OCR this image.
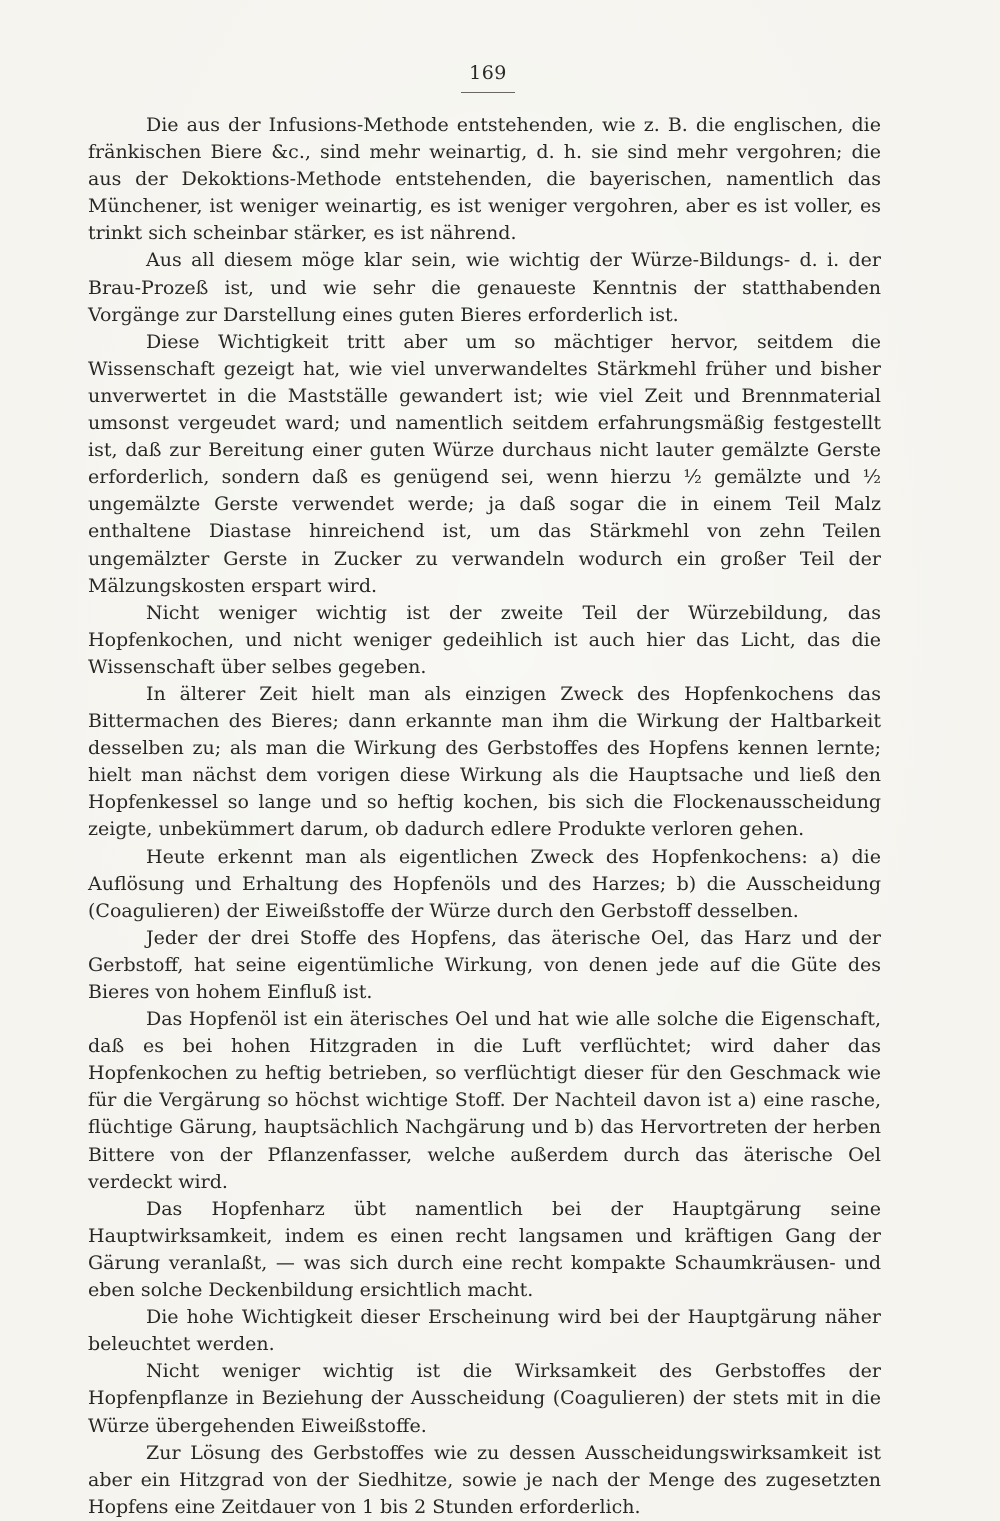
169

Die aus der Infusions-Methode entstehenden, wie z. B. die englischen, die fränkischen Biere &c., sind mehr weinartig, d. h. sie sind mehr vergohren; die aus der Dekoktions-Methode entstehenden, die bayerischen, namentlich das Münchener, ist weniger weinartig, es ist weniger vergohren, aber es ist voller, es trinkt sich scheinbar stärker, es ist nährend.

Aus all diesem möge klar sein, wie wichtig der Würze-Bildungs- d. i. der Brau-Prozeß ist, und wie sehr die genaueste Kenntnis der statthabenden Vorgänge zur Darstellung eines guten Bieres erforderlich ist.

Diese Wichtigkeit tritt aber um so mächtiger hervor, seitdem die Wissenschaft gezeigt hat, wie viel unverwandeltes Stärkmehl früher und bisher unverwertet in die Mastställe gewandert ist; wie viel Zeit und Brennmaterial umsonst vergeudet ward; und namentlich seitdem erfahrungsmäßig festgestellt ist, daß zur Bereitung einer guten Würze durchaus nicht lauter gemälzte Gerste erforderlich, sondern daß es genügend sei, wenn hierzu ½ gemälzte und ½ ungemälzte Gerste verwendet werde; ja daß sogar die in einem Teil Malz enthaltene Diastase hinreichend ist, um das Stärkmehl von zehn Teilen ungemälzter Gerste in Zucker zu verwandeln wodurch ein großer Teil der Mälzungskosten erspart wird.

Nicht weniger wichtig ist der zweite Teil der Würzebildung, das Hopfenkochen, und nicht weniger gedeihlich ist auch hier das Licht, das die Wissenschaft über selbes gegeben.

In älterer Zeit hielt man als einzigen Zweck des Hopfenkochens das Bittermachen des Bieres; dann erkannte man ihm die Wirkung der Haltbarkeit desselben zu; als man die Wirkung des Gerbstoffes des Hopfens kennen lernte; hielt man nächst dem vorigen diese Wirkung als die Hauptsache und ließ den Hopfenkessel so lange und so heftig kochen, bis sich die Flockenausscheidung zeigte, unbekümmert darum, ob dadurch edlere Produkte verloren gehen.

Heute erkennt man als eigentlichen Zweck des Hopfenkochens: a) die Auflösung und Erhaltung des Hopfenöls und des Harzes; b) die Ausscheidung (Coagulieren) der Eiweißstoffe der Würze durch den Gerbstoff desselben.

Jeder der drei Stoffe des Hopfens, das äterische Oel, das Harz und der Gerbstoff, hat seine eigentümliche Wirkung, von denen jede auf die Güte des Bieres von hohem Einfluß ist.

Das Hopfenöl ist ein äterisches Oel und hat wie alle solche die Eigenschaft, daß es bei hohen Hitzgraden in die Luft verflüchtet; wird daher das Hopfenkochen zu heftig betrieben, so verflüchtigt dieser für den Geschmack wie für die Vergärung so höchst wichtige Stoff. Der Nachteil davon ist a) eine rasche, flüchtige Gärung, hauptsächlich Nachgärung und b) das Hervortreten der herben Bittere von der Pflanzenfasser, welche außerdem durch das äterische Oel verdeckt wird.

Das Hopfenharz übt namentlich bei der Hauptgärung seine Hauptwirksamkeit, indem es einen recht langsamen und kräftigen Gang der Gärung veranlaßt, — was sich durch eine recht kompakte Schaumkräusen- und eben solche Deckenbildung ersichtlich macht.

Die hohe Wichtigkeit dieser Erscheinung wird bei der Hauptgärung näher beleuchtet werden.

Nicht weniger wichtig ist die Wirksamkeit des Gerbstoffes der Hopfenpflanze in Beziehung der Ausscheidung (Coagulieren) der stets mit in die Würze übergehenden Eiweißstoffe.

Zur Lösung des Gerbstoffes wie zu dessen Ausscheidungswirksamkeit ist aber ein Hitzgrad von der Siedhitze, sowie je nach der Menge des zugesetzten Hopfens eine Zeitdauer von 1 bis 2 Stunden erforderlich.
